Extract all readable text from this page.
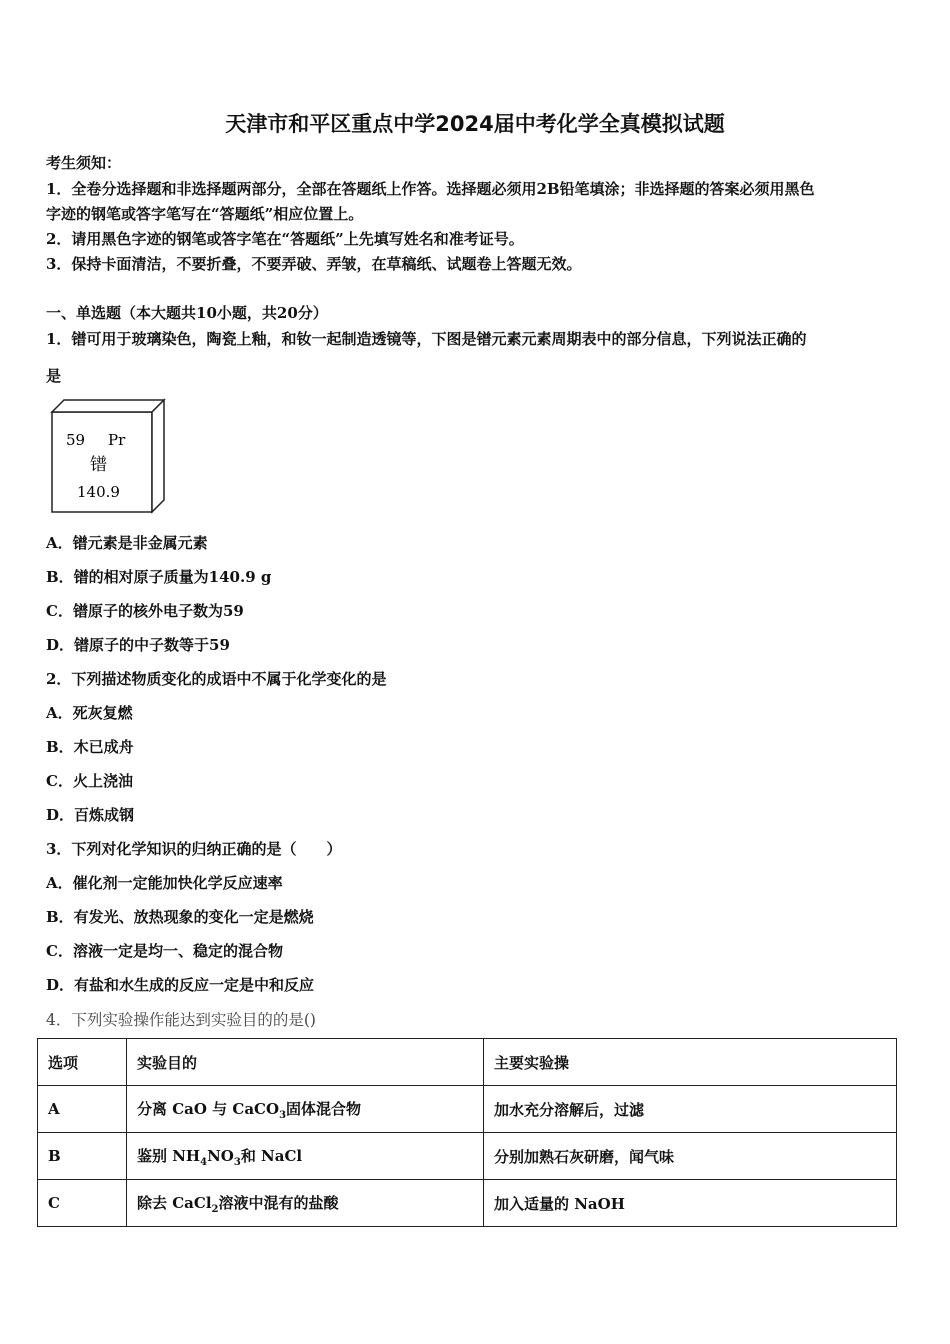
天津市和平区重点中学2024届中考化学全真模拟试题
考生须知：
1．全卷分选择题和非选择题两部分，全部在答题纸上作答。选择题必须用2B铅笔填涂；非选择题的答案必须用黑色
字迹的钢笔或答字笔写在“答题纸”相应位置上。
2．请用黑色字迹的钢笔或答字笔在“答题纸”上先填写姓名和准考证号。
3．保持卡面清洁，不要折叠，不要弄破、弄皱，在草稿纸、试题卷上答题无效。
一、单选题（本大题共10小题，共20分）
1．镨可用于玻璃染色，陶瓷上釉，和钕一起制造透镜等，下图是镨元素元素周期表中的部分信息，下列说法正确的
是
59 Pr
镨
140.9
A．镨元素是非金属元素
B．镨的相对原子质量为140.9 g
C．镨原子的核外电子数为59
D．镨原子的中子数等于59
2．下列描述物质变化的成语中不属于化学变化的是
A．死灰复燃
B．木已成舟
C．火上浇油
D．百炼成钢
3．下列对化学知识的归纳正确的是（　　）
A．催化剂一定能加快化学反应速率
B．有发光、放热现象的变化一定是燃烧
C．溶液一定是均一、稳定的混合物
D．有盐和水生成的反应一定是中和反应
4．下列实验操作能达到实验目的的是()
选项	实验目的	主要实验操
A	分离 CaO 与 CaCO$_3$固体混合物	加水充分溶解后，过滤
B	鉴别 $NH_4NO_3$和 NaCl	分别加熟石灰研磨，闻气味
C	除去 CaCl$_2$溶液中混有的盐酸	加入适量的 NaOH
